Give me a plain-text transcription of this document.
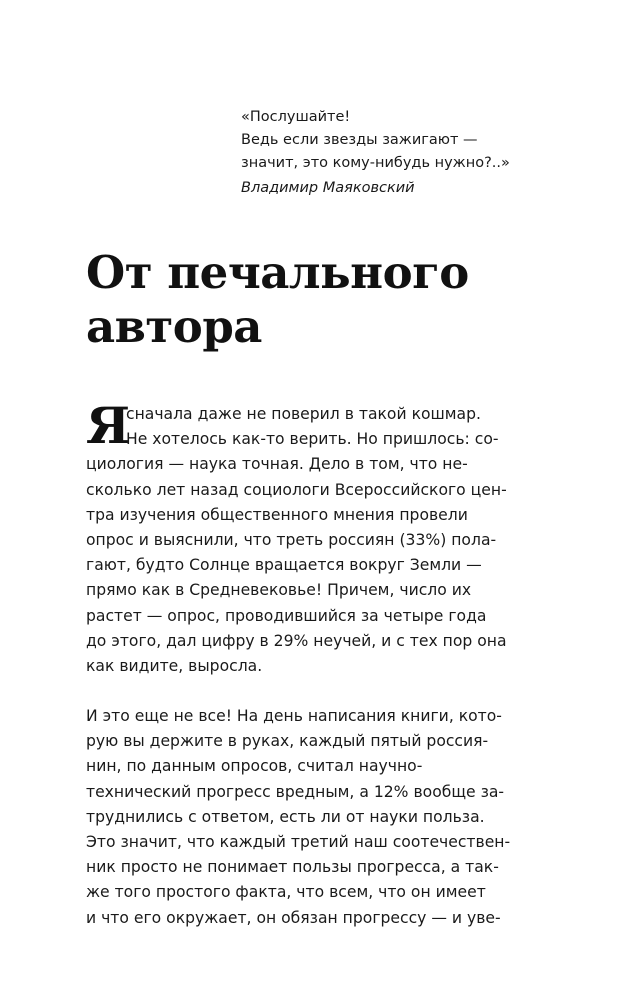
«Послушайте!
Ведь если звезды зажигают —
значит, это кому-нибудь нужно?..»
Владимир Маяковский
От печального
автора
Я
сначала даже не поверил в такой кошмар.
Не хотелось как-то верить. Но пришлось: со-
циология — наука точная. Дело в том, что не-
сколько лет назад социологи Всероссийского цен-
тра изучения общественного мнения провели
опрос и выяснили, что треть россиян (33%) пола-
гают, будто Солнце вращается вокруг Земли —
прямо как в Средневековье! Причем, число их
растет — опрос, проводившийся за четыре года
до этого, дал цифру в 29% неучей, и с тех пор она
как видите, выросла.
И это еще не все! На день написания книги, кото-
рую вы держите в руках, каждый пятый россия-
нин, по данным опросов, считал научно-
технический прогресс вредным, а 12% вообще за-
труднились с ответом, есть ли от науки польза.
Это значит, что каждый третий наш соотечествен-
ник просто не понимает пользы прогресса, а так-
же того простого факта, что всем, что он имеет
и что его окружает, он обязан прогрессу — и уве-
